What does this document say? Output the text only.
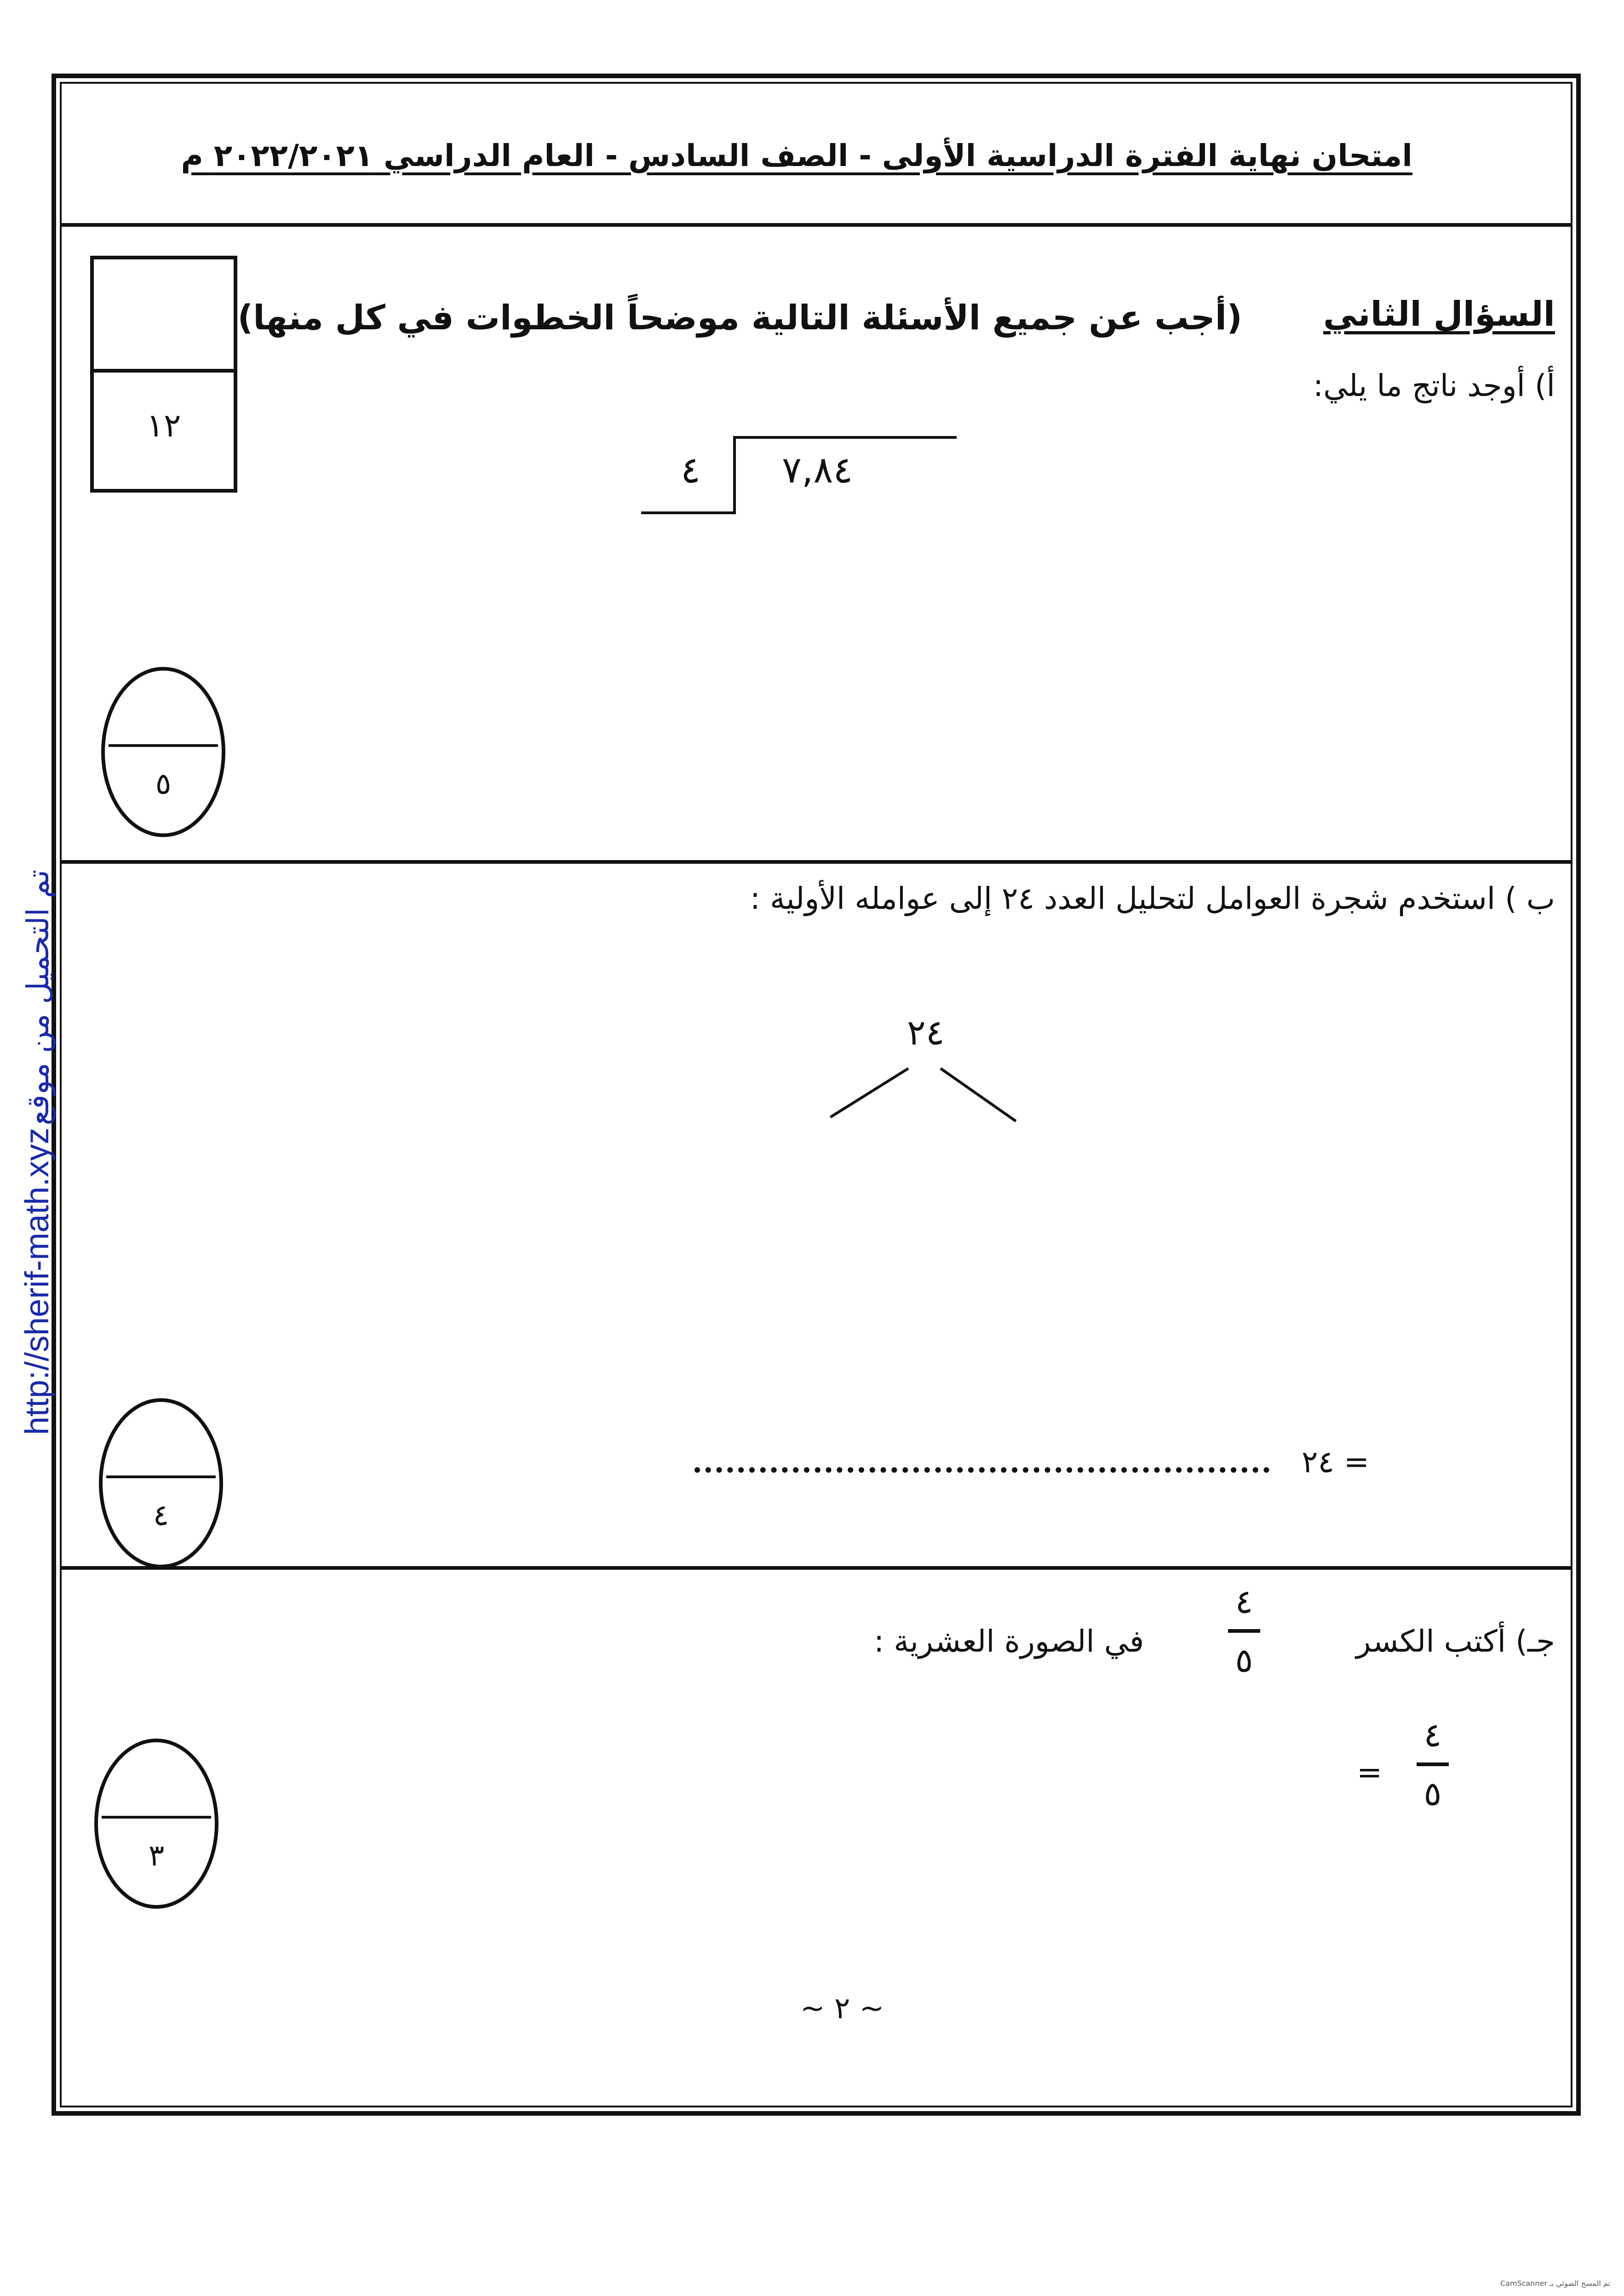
امتحان نهاية الفترة الدراسية الأولى - الصف السادس - العام الدراسي ٢٠٢٢/٢٠٢١ م
١٢
السؤال الثاني
(أجب عن جميع الأسئلة التالية موضحاً الخطوات في كل منها)
أ) أوجد ناتج ما يلي:
٧,٨٤
٤
٥
ب ) استخدم شجرة العوامل لتحليل العدد ٢٤ إلى عوامله الأولية :
٢٤
٢٤ =
٤
جـ) أكتب الكسر
٤
٥
في الصورة العشرية :
٤
٥
=
٣
~ ٢ ~
http://sherif-math.xyz تم التحميل من موقع
CamScanner تم المسح الضوئي بـ
